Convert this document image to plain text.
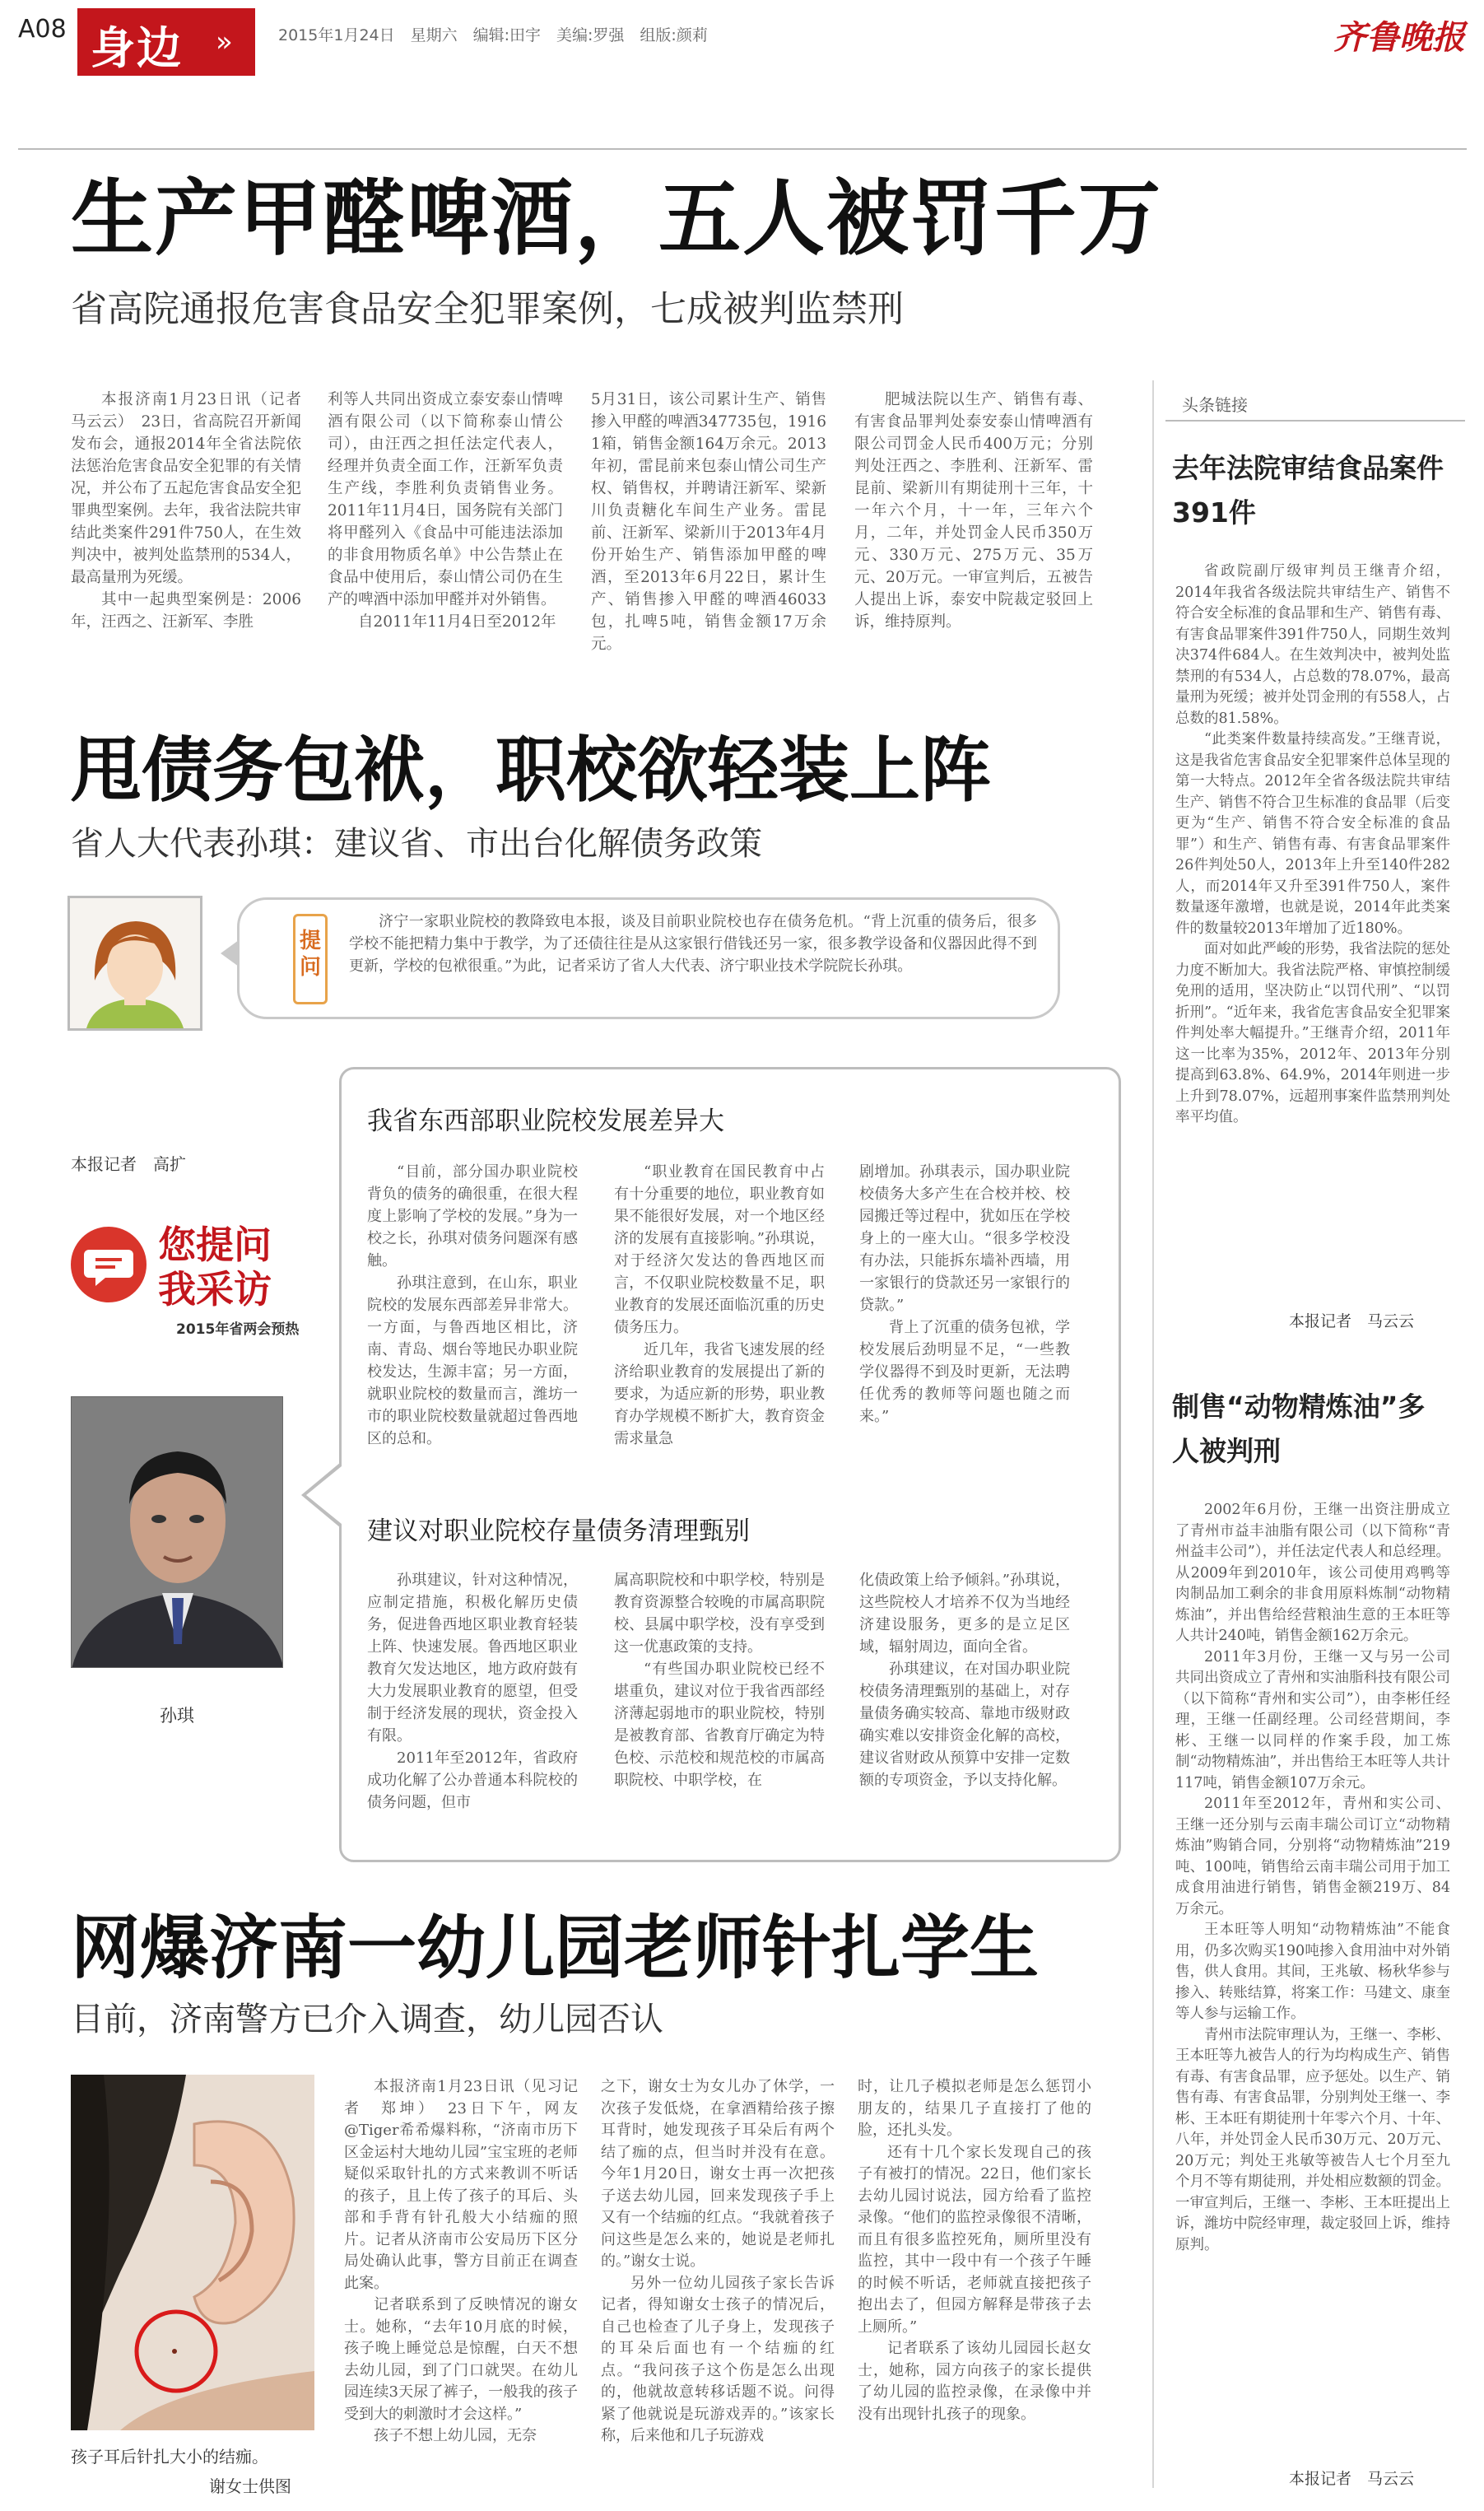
A08 身边 »	2015年1月24日　星期六　编辑:田宇　美编:罗强　组版:颜莉	齐鲁晚报
生产甲醛啤酒，五人被罚千万
省高院通报危害食品安全犯罪案例，七成被判监禁刑

本报济南1月23日讯（记者 马云云）　23日，省高院召开新闻发布会，通报2014年全省法院依法惩治危害食品安全犯罪的有关情况，并公布了五起危害食品安全犯罪典型案例。去年，我省法院共审结此类案件291件750人，在生效判决中，被判处监禁刑的534人，最高量刑为死缓。

其中一起典型案例是：2006年，汪西之、汪新军、李胜

利等人共同出资成立泰安泰山情啤酒有限公司（以下简称泰山情公司），由汪西之担任法定代表人，经理并负责全面工作，汪新军负责生产线，李胜利负责销售业务。2011年11月4日，国务院有关部门将甲醛列入《食品中可能违法添加的非食用物质名单》中公告禁止在食品中使用后，泰山情公司仍在生产的啤酒中添加甲醛并对外销售。

自2011年11月4日至2012年

5月31日，该公司累计生产、销售掺入甲醛的啤酒347735包，1916 1箱，销售金额164万余元。2013年初，雷昆前来包泰山情公司生产权、销售权，并聘请汪新军、梁新川负责糖化车间生产业务。雷昆前、汪新军、梁新川于2013年4月份开始生产、销售添加甲醛的啤酒，至2013年6月22日，累计生产、销售掺入甲醛的啤酒46033包，扎啤5吨，销售金额17万余元。

肥城法院以生产、销售有毒、有害食品罪判处泰安泰山情啤酒有限公司罚金人民币400万元；分别判处汪西之、李胜利、汪新军、雷昆前、梁新川有期徒刑十三年，十一年六个月，十一年，三年六个月，二年，并处罚金人民币350万元、330万元、275万元、35万元、20万元。一审宣判后，五被告人提出上诉，泰安中院裁定驳回上诉，维持原判。

头条链接
去年法院审结食品案件391件

省政院副厅级审判员王继青介绍，2014年我省各级法院共审结生产、销售不符合安全标准的食品罪和生产、销售有毒、有害食品罪案件391件750人，同期生效判决374件684人。在生效判决中，被判处监禁刑的有534人，占总数的78.07%，最高量刑为死缓；被并处罚金刑的有558人，占总数的81.58%。

“此类案件数量持续高发。”王继青说，这是我省危害食品安全犯罪案件总体呈现的第一大特点。2012年全省各级法院共审结生产、销售不符合卫生标准的食品罪（后变更为“生产、销售不符合安全标准的食品罪”）和生产、销售有毒、有害食品罪案件26件判处50人，2013年上升至140件282人，而2014年又升至391件750人，案件数量逐年激增，也就是说，2014年此类案件的数量较2013年增加了近180%。

面对如此严峻的形势，我省法院的惩处力度不断加大。我省法院严格、审慎控制缓免刑的适用，坚决防止“以罚代刑”、“以罚折刑”。“近年来，我省危害食品安全犯罪案件判处率大幅提升。”王继青介绍，2011年这一比率为35%，2012年、2013年分别提高到63.8%、64.9%，2014年则进一步上升到78.07%，远超刑事案件监禁刑判处率平均值。

本报记者　马云云
制售“动物精炼油”多人被判刑

2002年6月份，王继一出资注册成立了青州市益丰油脂有限公司（以下简称“青州益丰公司”），并任法定代表人和总经理。从2009年到2010年，该公司使用鸡鸭等肉制品加工剩余的非食用原料炼制“动物精炼油”，并出售给经营粮油生意的王本旺等人共计240吨，销售金额162万余元。

2011年3月份，王继一又与另一公司共同出资成立了青州和实油脂科技有限公司（以下简称“青州和实公司”），由李彬任经理，王继一任副经理。公司经营期间，李彬、王继一以同样的作案手段，加工炼制“动物精炼油”，并出售给王本旺等人共计117吨，销售金额107万余元。

2011年至2012年，青州和实公司、王继一还分别与云南丰瑞公司订立“动物精炼油”购销合同，分别将“动物精炼油”219吨、100吨，销售给云南丰瑞公司用于加工成食用油进行销售，销售金额219万、84万余元。

王本旺等人明知“动物精炼油”不能食用，仍多次购买190吨掺入食用油中对外销售，供人食用。其间，王兆敏、杨秋华参与掺入、转账结算，将案工作：马建文、康奎等人参与运输工作。

青州市法院审理认为，王继一、李彬、王本旺等九被告人的行为均构成生产、销售有毒、有害食品罪，应予惩处。以生产、销售有毒、有害食品罪，分别判处王继一、李彬、王本旺有期徒刑十年零六个月、十年、八年，并处罚金人民币30万元、20万元、20万元；判处王兆敏等被告人七个月至九个月不等有期徒刑，并处相应数额的罚金。一审宣判后，王继一、李彬、王本旺提出上诉，潍坊中院经审理，裁定驳回上诉，维持原判。

本报记者　马云云
甩债务包袱，职校欲轻装上阵
省人大代表孙琪：建议省、市出台化解债务政策
提问

济宁一家职业院校的教降致电本报，谈及目前职业院校也存在债务危机。“背上沉重的债务后，很多学校不能把精力集中于教学，为了还债往往是从这家银行借钱还另一家，很多教学设备和仪器因此得不到更新，学校的包袱很重。”为此，记者采访了省人大代表、济宁职业技术学院院长孙琪。

本报记者　高扩
您提问
我采访
2015年省两会预热
孙琪
我省东西部职业院校发展差异大

“目前，部分国办职业院校背负的债务的确很重，在很大程度上影响了学校的发展。”身为一校之长，孙琪对债务问题深有感触。

孙琪注意到，在山东，职业院校的发展东西部差异非常大。一方面，与鲁西地区相比，济南、青岛、烟台等地民办职业院校发达，生源丰富；另一方面，就职业院校的数量而言，潍坊一市的职业院校数量就超过鲁西地区的总和。

“职业教育在国民教育中占有十分重要的地位，职业教育如果不能很好发展，对一个地区经济的发展有直接影响。”孙琪说，对于经济欠发达的鲁西地区而言，不仅职业院校数量不足，职业教育的发展还面临沉重的历史债务压力。

近几年，我省飞速发展的经济给职业教育的发展提出了新的要求，为适应新的形势，职业教育办学规模不断扩大，教育资金需求量急

剧增加。孙琪表示，国办职业院校债务大多产生在合校并校、校园搬迁等过程中，犹如压在学校身上的一座大山。“很多学校没有办法，只能拆东墙补西墙，用一家银行的贷款还另一家银行的贷款。”

背上了沉重的债务包袱，学校发展后劲明显不足，“一些教学仪器得不到及时更新，无法聘任优秀的教师等问题也随之而来。”

建议对职业院校存量债务清理甄别

孙琪建议，针对这种情况，应制定措施，积极化解历史债务，促进鲁西地区职业教育轻装上阵、快速发展。鲁西地区职业教育欠发达地区，地方政府鼓有大力发展职业教育的愿望，但受制于经济发展的现状，资金投入有限。

2011年至2012年，省政府成功化解了公办普通本科院校的债务问题，但市

属高职院校和中职学校，特别是教育资源整合较晚的市属高职院校、县属中职学校，没有享受到这一优惠政策的支持。

“有些国办职业院校已经不堪重负，建议对位于我省西部经济薄起弱地市的职业院校，特别是被教育部、省教育厅确定为特色校、示范校和规范校的市属高职院校、中职学校，在

化债政策上给予倾斜。”孙琪说，这些院校人才培养不仅为当地经济建设服务，更多的是立足区域，辐射周边，面向全省。

孙琪建议，在对国办职业院校债务清理甄别的基础上，对存量债务确实较高、靠地市级财政确实难以安排资金化解的高校，建议省财政从预算中安排一定数额的专项资金，予以支持化解。

网爆济南一幼儿园老师针扎学生
目前，济南警方已介入调查，幼儿园否认
孩子耳后针扎大小的结痂。
谢女士供图

本报济南1月23日讯（见习记者　郑坤）　23日下午，网友@Tiger希希爆料称，“济南市历下区金运村大地幼儿园”宝宝班的老师疑似采取针扎的方式来教训不听话的孩子，且上传了孩子的耳后、头部和手背有针孔般大小结痂的照片。记者从济南市公安局历下区分局处确认此事，警方目前正在调查此案。

记者联系到了反映情况的谢女士。她称，“去年10月底的时候，孩子晚上睡觉总是惊醒，白天不想去幼儿园，到了门口就哭。在幼儿园连续3天尿了裤子，一般我的孩子受到大的刺激时才会这样。”

孩子不想上幼儿园，无奈

之下，谢女士为女儿办了休学，一次孩子发低烧，在拿酒精给孩子擦耳背时，她发现孩子耳朵后有两个结了痂的点，但当时并没有在意。今年1月20日，谢女士再一次把孩子送去幼儿园，回来发现孩子手上又有一个结痂的红点。“我就着孩子问这些是怎么来的，她说是老师扎的。”谢女士说。

另外一位幼儿园孩子家长告诉记者，得知谢女士孩子的情况后，自己也检查了儿子身上，发现孩子的耳朵后面也有一个结痂的红点。“我问孩子这个伤是怎么出现的，他就故意转移话题不说。问得紧了他就说是玩游戏弄的。”该家长称，后来他和几子玩游戏

时，让几子模拟老师是怎么惩罚小朋友的，结果几子直接打了他的脸，还扎头发。

还有十几个家长发现自己的孩子有被打的情况。22日，他们家长去幼儿园讨说法，园方给看了监控录像。“他们的监控录像很不清晰，而且有很多监控死角，厕所里没有监控，其中一段中有一个孩子午睡的时候不听话，老师就直接把孩子抱出去了，但园方解释是带孩子去上厕所。”

记者联系了该幼儿园园长赵女士，她称，园方向孩子的家长提供了幼儿园的监控录像，在录像中并没有出现针扎孩子的现象。
